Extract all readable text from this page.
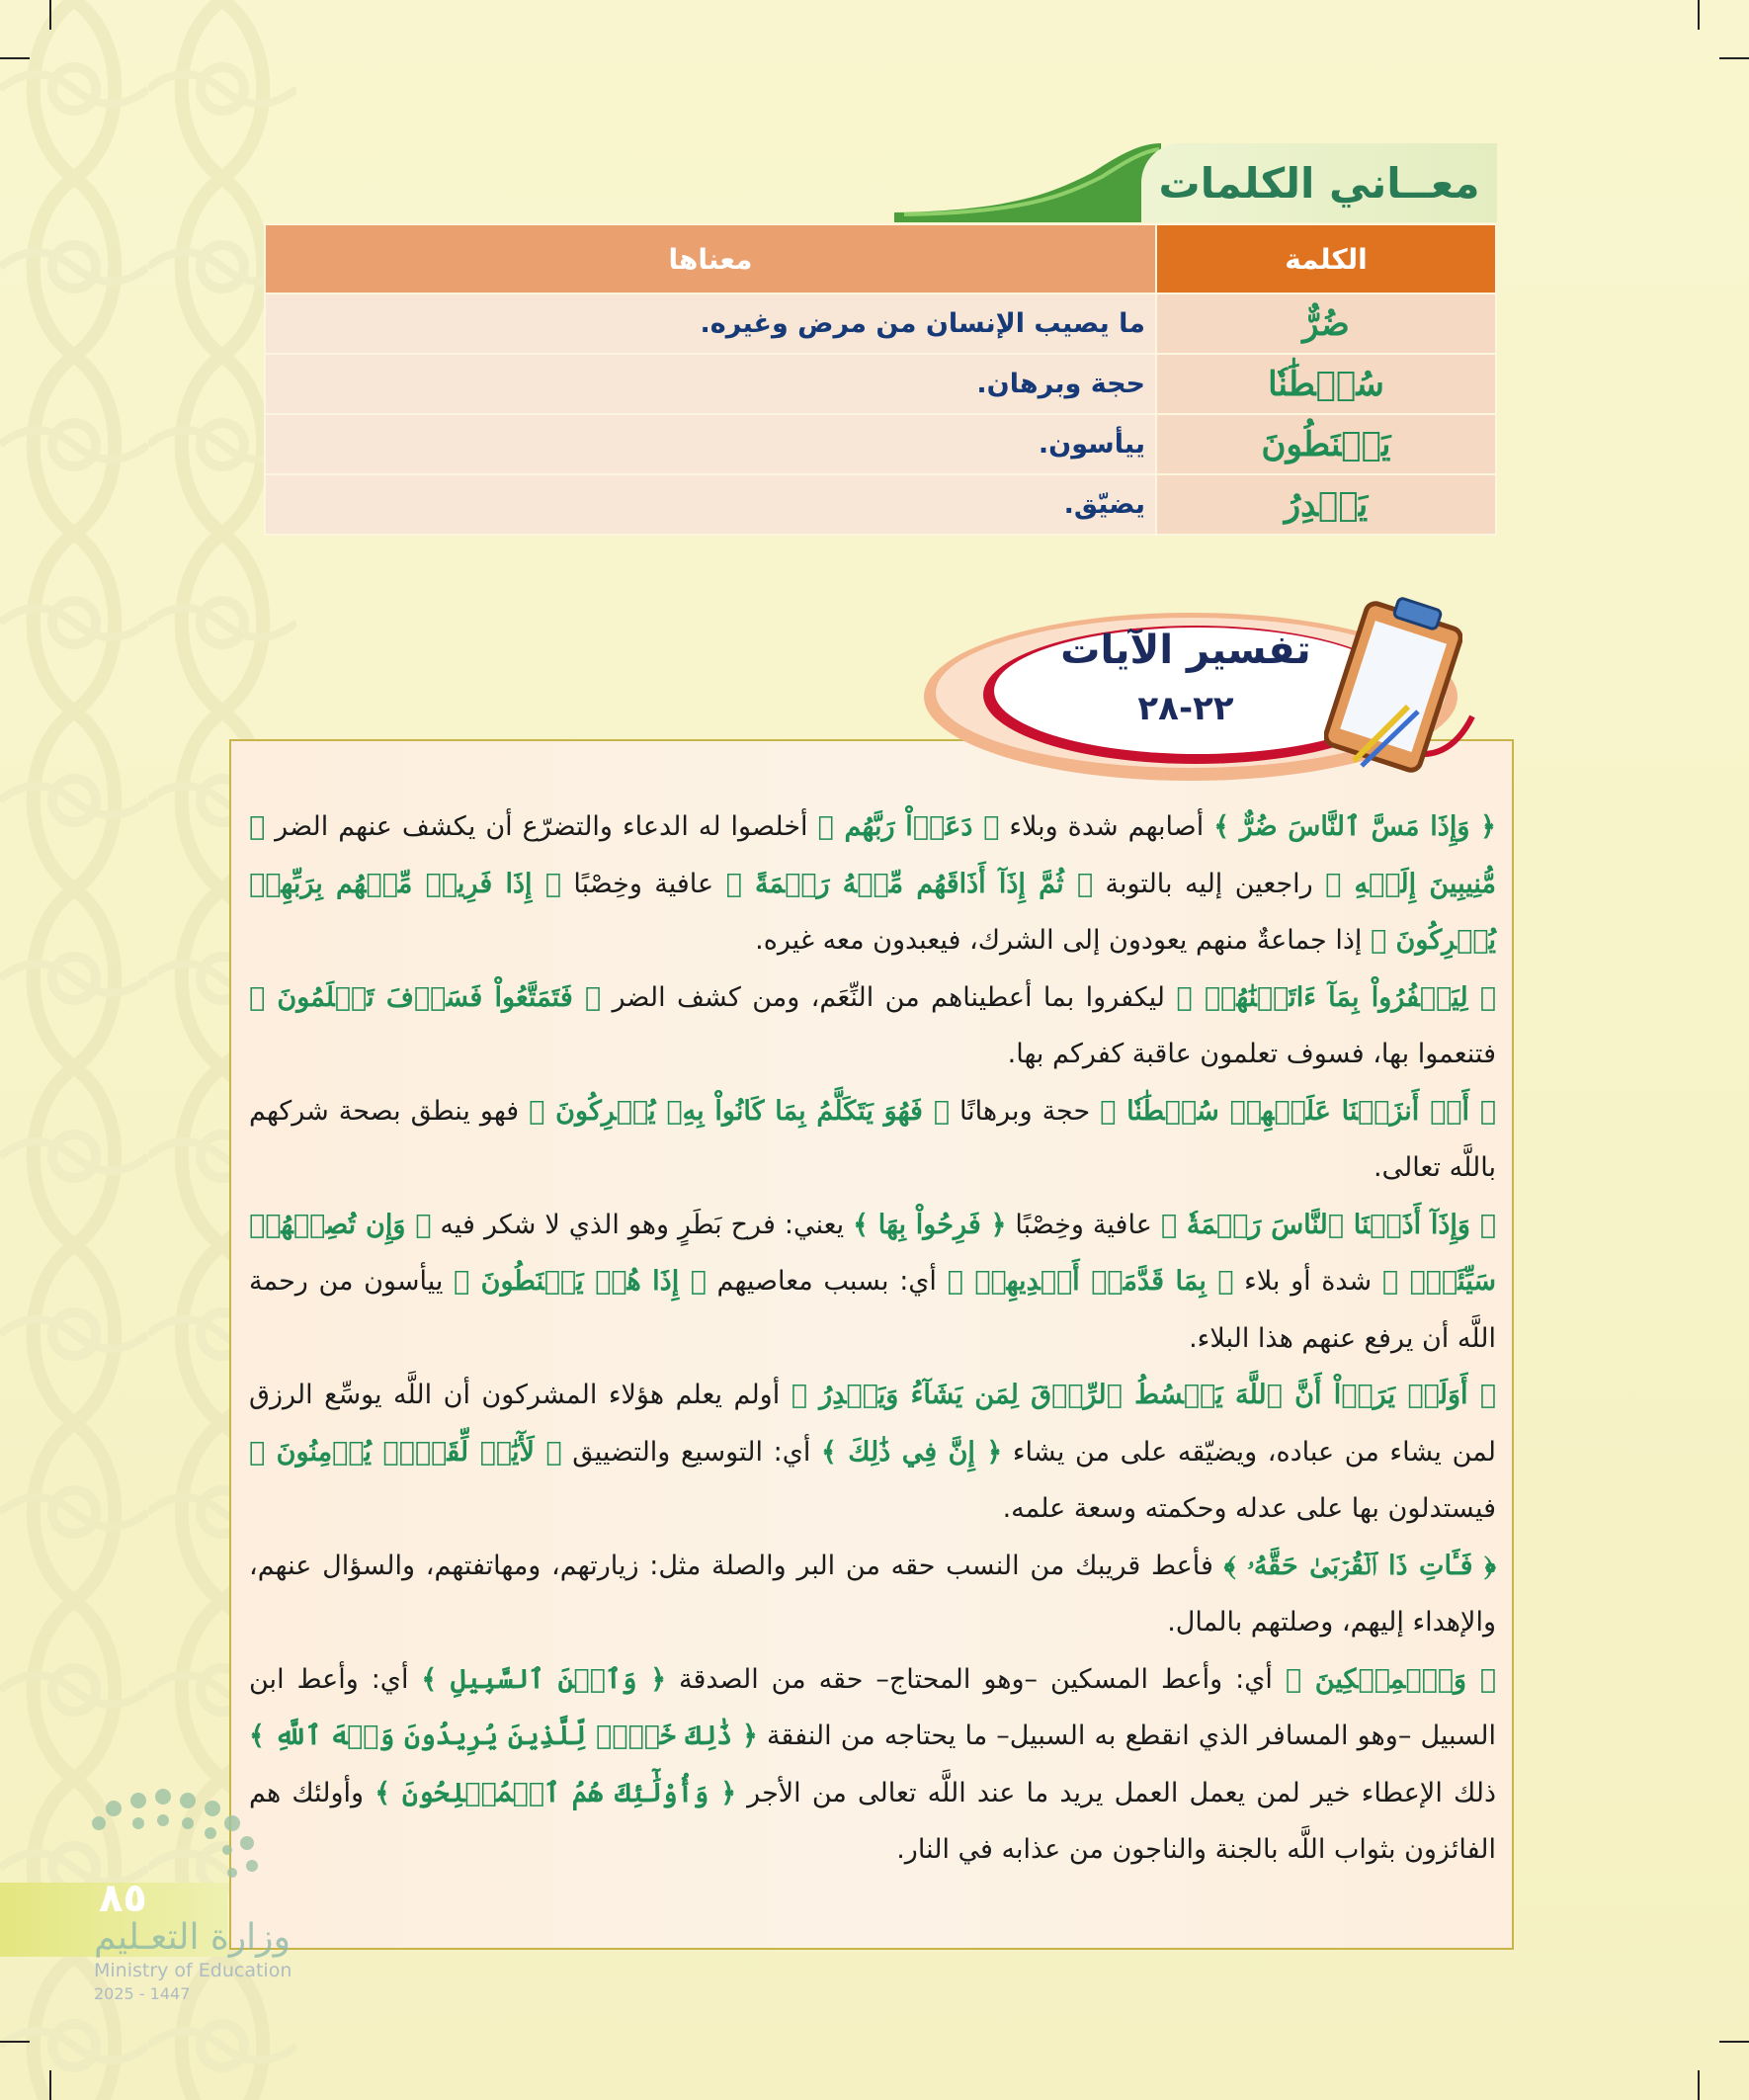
معــاني الكلمات
الكلمة	معناها
ضُرٌّ	ما يصيب الإنسان من مرض وغيره.
سُلۡطَٰنٗا	حجة وبرهان.
يَقۡنَطُونَ	ييأسون.
يَقۡدِرُ	يضيّق.
تفسير الآيات
٢٢-٢٨

﴿ وَإِذَا مَسَّ ٱلنَّاسَ ضُرٌّ ﴾ أصابهم شدة وبلاء ﴿ دَعَوۡاْ رَبَّهُم ﴾ أخلصوا له الدعاء والتضرّع أن يكشف عنهم الضر ﴿ مُّنِيبِينَ إِلَيۡهِ ﴾ راجعين إليه بالتوبة ﴿ ثُمَّ إِذَآ أَذَاقَهُم مِّنۡهُ رَحۡمَةً ﴾ عافية وخِصْبًا ﴿ إِذَا فَرِيقٞ مِّنۡهُم بِرَبِّهِمۡ يُشۡرِكُونَ ﴾ إذا جماعةٌ منهم يعودون إلى الشرك، فيعبدون معه غيره.

﴿ لِيَكۡفُرُواْ بِمَآ ءَاتَيۡنَٰهُمۡ ﴾ ليكفروا بما أعطيناهم من النِّعَم، ومن كشف الضر ﴿ فَتَمَتَّعُواْ فَسَوۡفَ تَعۡلَمُونَ ﴾ فتنعموا بها، فسوف تعلمون عاقبة كفركم بها.

﴿ أَمۡ أَنزَلۡنَا عَلَيۡهِمۡ سُلۡطَٰنٗا ﴾ حجة وبرهانًا ﴿ فَهُوَ يَتَكَلَّمُ بِمَا كَانُواْ بِهِۦ يُشۡرِكُونَ ﴾ فهو ينطق بصحة شركهم باللَّه تعالى.

﴿ وَإِذَآ أَذَقۡنَا ٱلنَّاسَ رَحۡمَةٗ ﴾ عافية وخِصْبًا ﴿ فَرِحُواْ بِهَا ﴾ يعني: فرح بَطَرٍ وهو الذي لا شكر فيه ﴿ وَإِن تُصِبۡهُمۡ سَيِّئَةُۢ ﴾ شدة أو بلاء ﴿ بِمَا قَدَّمَتۡ أَيۡدِيهِمۡ ﴾ أي: بسبب معاصيهم ﴿ إِذَا هُمۡ يَقۡنَطُونَ ﴾ ييأسون من رحمة اللَّه أن يرفع عنهم هذا البلاء.

﴿ أَوَلَمۡ يَرَوۡاْ أَنَّ ٱللَّهَ يَبۡسُطُ ٱلرِّزۡقَ لِمَن يَشَآءُ وَيَقۡدِرُ ﴾ أولم يعلم هؤلاء المشركون أن اللَّه يوسِّع الرزق لمن يشاء من عباده، ويضيّقه على من يشاء ﴿ إِنَّ فِي ذَٰلِكَ ﴾ أي: التوسيع والتضييق ﴿ لَأٓيَٰتٖ لِّقَوۡمٖ يُؤۡمِنُونَ ﴾ فيستدلون بها على عدله وحكمته وسعة علمه.

﴿ فَـَٔاتِ ذَا ٱلۡقُرۡبَىٰ حَقَّهُۥ ﴾ فأعط قريبك من النسب حقه من البر والصلة مثل: زيارتهم، ومهاتفتهم، والسؤال عنهم، والإهداء إليهم، وصلتهم بالمال.

﴿ وَٱلۡمِسۡكِينَ ﴾ أي: وأعط المسكين –وهو المحتاج– حقه من الصدقة ﴿ وَٱبۡنَ ٱلسَّبِيلِ ﴾ أي: وأعط ابن السبيل –وهو المسافر الذي انقطع به السبيل– ما يحتاجه من النفقة ﴿ ذَٰلِكَ خَيۡرٞ لِّلَّذِينَ يُرِيدُونَ وَجۡهَ ٱللَّهِ ﴾ ذلك الإعطاء خير لمن يعمل العمل يريد ما عند اللَّه تعالى من الأجر ﴿ وَأُوْلَٰٓئِكَ هُمُ ٱلۡمُفۡلِحُونَ ﴾ وأولئك هم الفائزون بثواب اللَّه بالجنة والناجون من عذابه في النار.

٨٥
وزارة التعـليم
Ministry of Education
2025 - 1447
